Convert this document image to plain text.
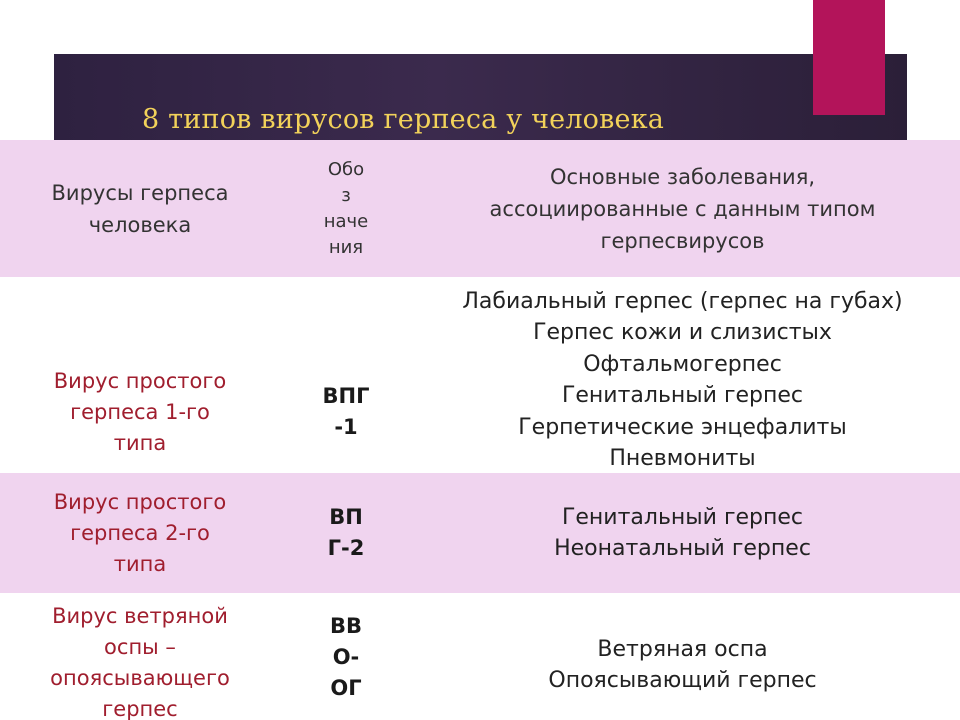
8 типов вирусов герпеса у человека
Вирусы герпеса
человека
Обо
з
наче
ния
Основные заболевания,
ассоциированные с данным типом
герпесвирусов
Вирус простого
герпеса 1-го
типа
ВПГ
-1
Лабиальный герпес (герпес на губах)
Герпес кожи и слизистых
Офтальмогерпес
Генитальный герпес
Герпетические энцефалиты
Пневмониты
Вирус простого
герпеса 2-го
типа
ВП
Г-2
Генитальный герпес
Неонатальный герпес
Вирус ветряной
оспы –
опоясывающего
герпес
ВВ
О-
ОГ
Ветряная оспа
Опоясывающий герпес
